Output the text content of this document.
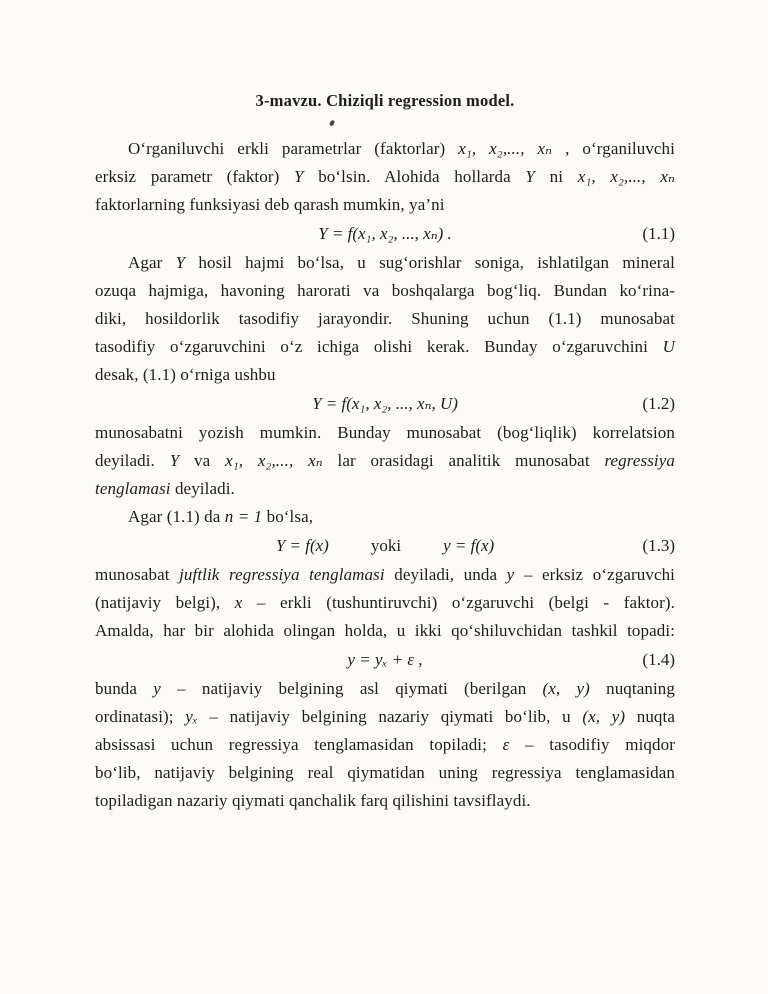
3-mavzu. Chiziqli regression model.
O‘rganiluvchi erkli parametrlar (faktorlar) x₁, x₂,..., xₙ , o‘rganiluvchi
erksiz parametr (faktor) Y bo‘lsin. Alohida hollarda Y ni x₁, x₂,..., xₙ
faktorlarning funksiyasi deb qarash mumkin, ya’ni
Y = f(x₁, x₂, ..., xₙ) .	(1.1)
Agar Y hosil hajmi bo‘lsa, u sug‘orishlar soniga, ishlatilgan mineral
ozuqa hajmiga, havoning harorati va boshqalarga bog‘liq. Bundan ko‘rina-
diki, hosildorlik tasodifiy jarayondir. Shuning uchun (1.1) munosabat
tasodifiy o‘zgaruvchini o‘z ichiga olishi kerak. Bunday o‘zgaruvchini U
desak, (1.1) o‘rniga ushbu
Y = f(x₁, x₂, ..., xₙ, U)	(1.2)
munosabatni yozish mumkin. Bunday munosabat (bog‘liqlik) korrelatsion
deyiladi. Y va x₁, x₂,..., xₙ lar orasidagi analitik munosabat regressiya
tenglamasi deyiladi.
Agar (1.1) da n = 1 bo‘lsa,
Y = f(x) yoki y = f(x)	(1.3)
munosabat juftlik regressiya tenglamasi deyiladi, unda y – erksiz o‘zgaruvchi
(natijaviy belgi), x – erkli (tushuntiruvchi) o‘zgaruvchi (belgi - faktor).
Amalda, har bir alohida olingan holda, u ikki qo‘shiluvchidan tashkil topadi:
y = yₓ + ε ,	(1.4)
bunda y – natijaviy belgining asl qiymati (berilgan (x, y) nuqtaning
ordinatasi); yₓ – natijaviy belgining nazariy qiymati bo‘lib, u (x, y) nuqta
absissasi uchun regressiya tenglamasidan topiladi; ε – tasodifiy miqdor
bo‘lib, natijaviy belgining real qiymatidan uning regressiya tenglamasidan
topiladigan nazariy qiymati qanchalik farq qilishini tavsiflaydi.
